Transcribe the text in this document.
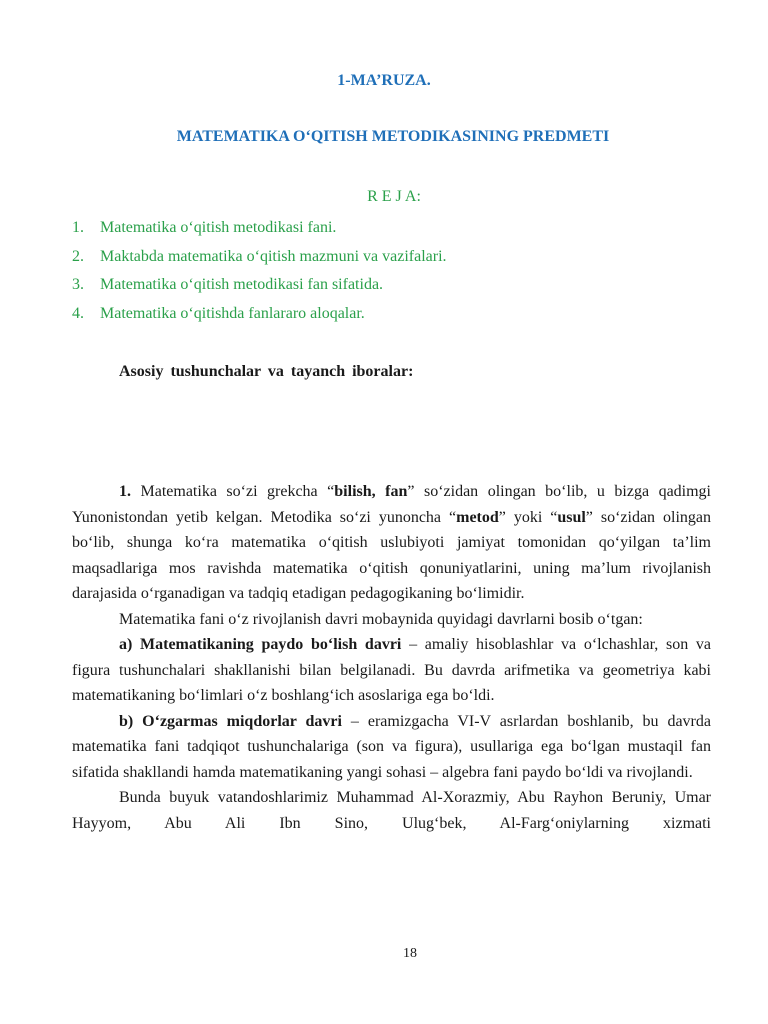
1-MA’RUZA.
MATEMATIKA O‘QITISH METODIKASINING PREDMETI
R E J A:
1. Matematika o‘qitish metodikasi fani.
2. Maktabda matematika o‘qitish mazmuni va vazifalari.
3. Matematika o‘qitish metodikasi fan sifatida.
4. Matematika o‘qitishda fanlararo aloqalar.
Asosiy tushunchalar va tayanch iboralar:

1. Matematika so‘zi grekcha “bilish, fan” so‘zidan olingan bo‘lib, u bizga qadimgi Yunonistondan yetib kelgan. Metodika so‘zi yunoncha “metod” yoki “usul” so‘zidan olingan bo‘lib, shunga ko‘ra matematika o‘qitish uslubiyoti jamiyat tomonidan qo‘yilgan ta’lim maqsadlariga mos ravishda matematika o‘qitish qonuniyatlarini, uning ma’lum rivojlanish darajasida o‘rganadigan va tadqiq etadigan pedagogikaning bo‘limidir.

Matematika fani o‘z rivojlanish davri mobaynida quyidagi davrlarni bosib o‘tgan:

a) Matematikaning paydo bo‘lish davri – amaliy hisoblashlar va o‘lchashlar, son va figura tushunchalari shakllanishi bilan belgilanadi. Bu davrda arifmetika va geometriya kabi matematikaning bo‘limlari o‘z boshlang‘ich asoslariga ega bo‘ldi.

b) O‘zgarmas miqdorlar davri – eramizgacha VI-V asrlardan boshlanib, bu davrda matematika fani tadqiqot tushunchalariga (son va figura), usullariga ega bo‘lgan mustaqil fan sifatida shakllandi hamda matematikaning yangi sohasi – algebra fani paydo bo‘ldi va rivojlandi.

Bunda buyuk vatandoshlarimiz Muhammad Al-Xorazmiy, Abu Rayhon Beruniy, Umar Hayyom, Abu Ali Ibn Sino, Ulug‘bek, Al-Farg‘oniylarning xizmati

18
